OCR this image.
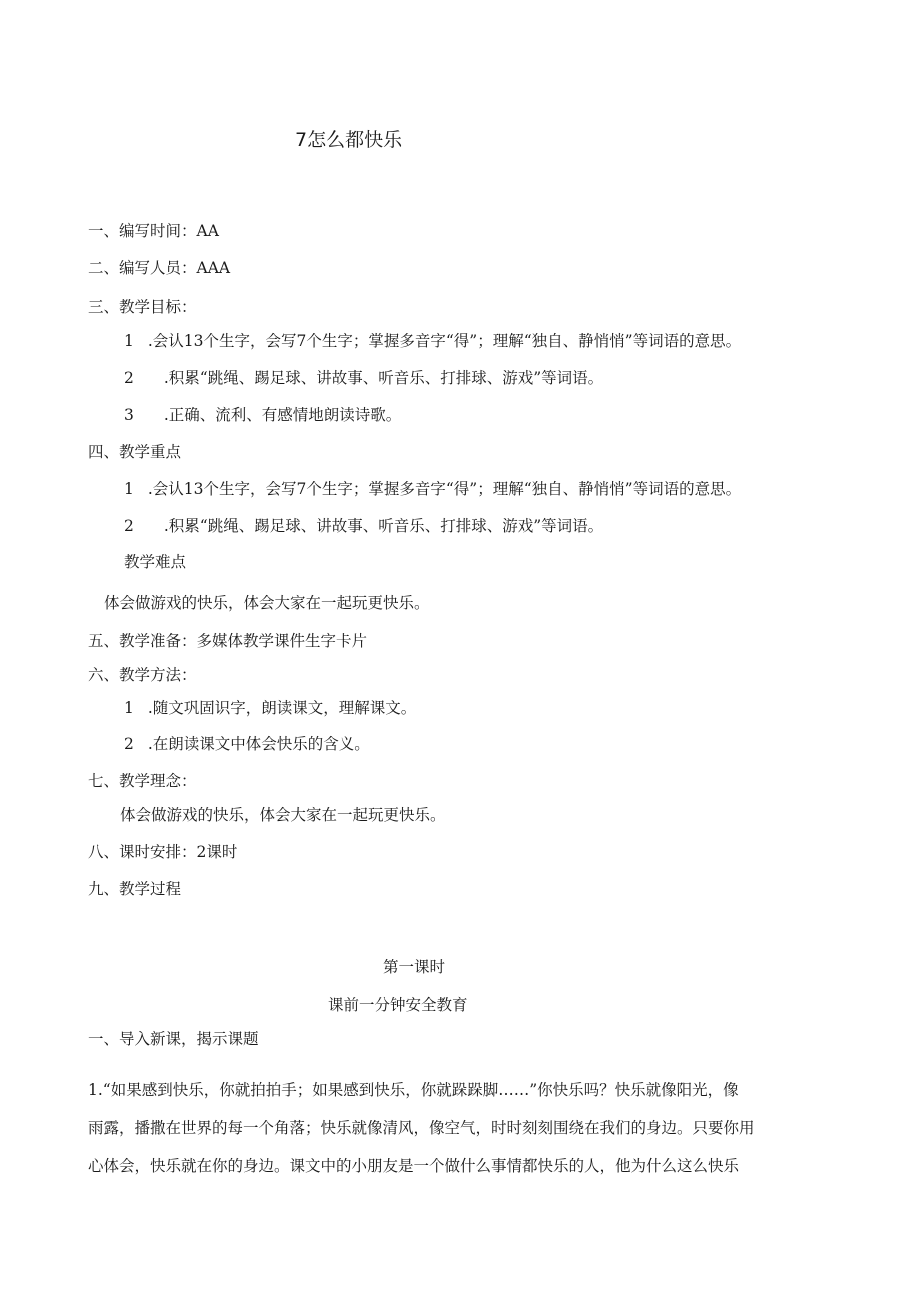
7怎么都快乐
一、编写时间：AA
二、编写人员：AAA
三、教学目标：
1 .会认13个生字，会写7个生字；掌握多音字“得”；理解“独自、静悄悄”等词语的意思。
2 .积累“跳绳、踢足球、讲故事、听音乐、打排球、游戏”等词语。
3 .正确、流利、有感情地朗读诗歌。
四、教学重点
1 .会认13个生字，会写7个生字；掌握多音字“得”；理解“独自、静悄悄”等词语的意思。
2 .积累“跳绳、踢足球、讲故事、听音乐、打排球、游戏”等词语。
教学难点
体会做游戏的快乐，体会大家在一起玩更快乐。
五、教学准备：多媒体教学课件生字卡片
六、教学方法：
1 .随文巩固识字，朗读课文，理解课文。
2 .在朗读课文中体会快乐的含义。
七、教学理念：
体会做游戏的快乐，体会大家在一起玩更快乐。
八、课时安排：2课时
九、教学过程
第一课时
课前一分钟安全教育
一、导入新课，揭示课题
1.“如果感到快乐，你就拍拍手；如果感到快乐，你就跺跺脚……”你快乐吗？快乐就像阳光，像
雨露，播撒在世界的每一个角落；快乐就像清风，像空气，时时刻刻围绕在我们的身边。只要你用
心体会，快乐就在你的身边。课文中的小朋友是一个做什么事情都快乐的人，他为什么这么快乐
